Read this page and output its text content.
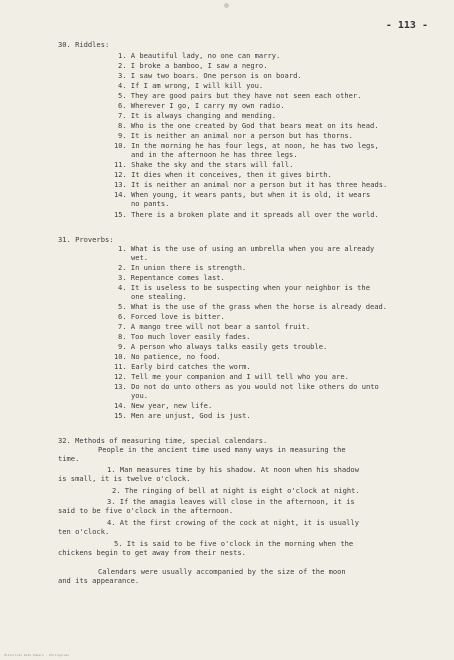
- 113 -
30. Riddles:
1. A beautiful lady, no one can marry.
2. I broke a bamboo, I saw a negro.
3. I saw two boars. One person is on board.
4. If I am wrong, I will kill you.
5. They are good pairs but they have not seen each other.
6. Wherever I go, I carry my own radio.
7. It is always changing and mending.
8. Who is the one created by God that bears meat on its head.
9. It is neither an animal nor a person but has thorns.
10. In the morning he has four legs, at noon, he has two legs,
and in the afternoon he has three legs.
11. Shake the sky and the stars will fall.
12. It dies when it conceives, then it gives birth.
13. It is neither an animal nor a person but it has three heads.
14. When young, it wears pants, but when it is old, it wears
no pants.
15. There is a broken plate and it spreads all over the world.
31. Proverbs:
1. What is the use of using an umbrella when you are already
wet.
2. In union there is strength.
3. Repentance comes last.
4. It is useless to be suspecting when your neighbor is the
one stealing.
5. What is the use of the grass when the horse is already dead.
6. Forced love is bitter.
7. A mango tree will not bear a santol fruit.
8. Too much lover easily fades.
9. A person who always talks easily gets trouble.
10. No patience, no food.
11. Early bird catches the worm.
12. Tell me your companion and I will tell who you are.
13. Do not do unto others as you would not like others do unto
you.
14. New year, new life.
15. Men are unjust, God is just.
32. Methods of measuring time, special calendars.
People in the ancient time used many ways in measuring the
time.
1. Man measures time by his shadow. At noon when his shadow
is small, it is twelve o'clock.
2. The ringing of bell at night is eight o'clock at night.
3. If the amagia leaves will close in the afternoon, it is
said to be five o'clock in the afternoon.
4. At the first crowing of the cock at night, it is usually
ten o'clock.
5. It is said to be five o'clock in the morning when the
chickens begin to get away from their nests.
Calendars were usually accompanied by the size of the moon
and its appearance.
Historical Data Papers - Philippines
